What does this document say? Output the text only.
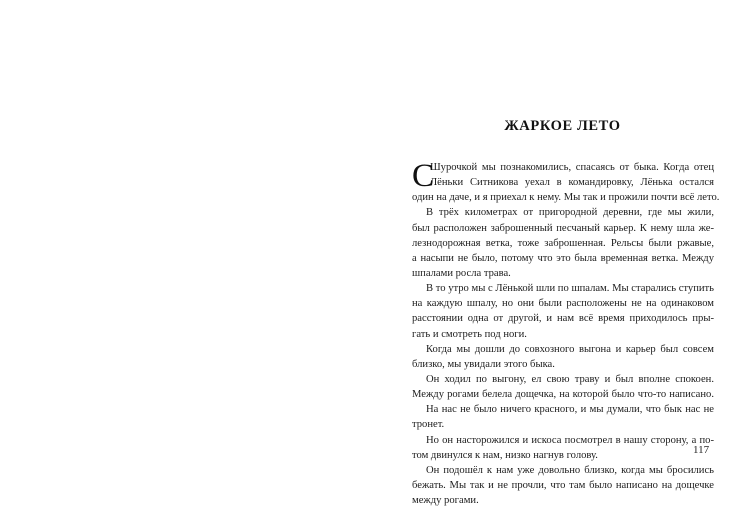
ЖАРКОЕ ЛЕТО
С
Шурочкой мы познакомились, спасаясь от быка. Когда отец
Лёньки Ситникова уехал в командировку, Лёнька остался
один на даче, и я приехал к нему. Мы так и прожили почти всё лето.
В трёх километрах от пригородной деревни, где мы жили,
был расположен заброшенный песчаный карьер. К нему шла же-
лезнодорожная ветка, тоже заброшенная. Рельсы были ржавые,
а насыпи не было, потому что это была временная ветка. Между
шпалами росла трава.
В то утро мы с Лёнькой шли по шпалам. Мы старались ступить
на каждую шпалу, но они были расположены не на одинаковом
расстоянии одна от другой, и нам всё время приходилось пры-
гать и смотреть под ноги.
Когда мы дошли до совхозного выгона и карьер был совсем
близко, мы увидали этого быка.
Он ходил по выгону, ел свою траву и был вполне спокоен.
Между рогами белела дощечка, на которой было что-то написано.
На нас не было ничего красного, и мы думали, что бык нас не
тронет.
Но он насторожился и искоса посмотрел в нашу сторону, а по-
том двинулся к нам, низко нагнув голову.
Он подошёл к нам уже довольно близко, когда мы бросились
бежать. Мы так и не прочли, что там было написано на дощечке
между рогами.
117
